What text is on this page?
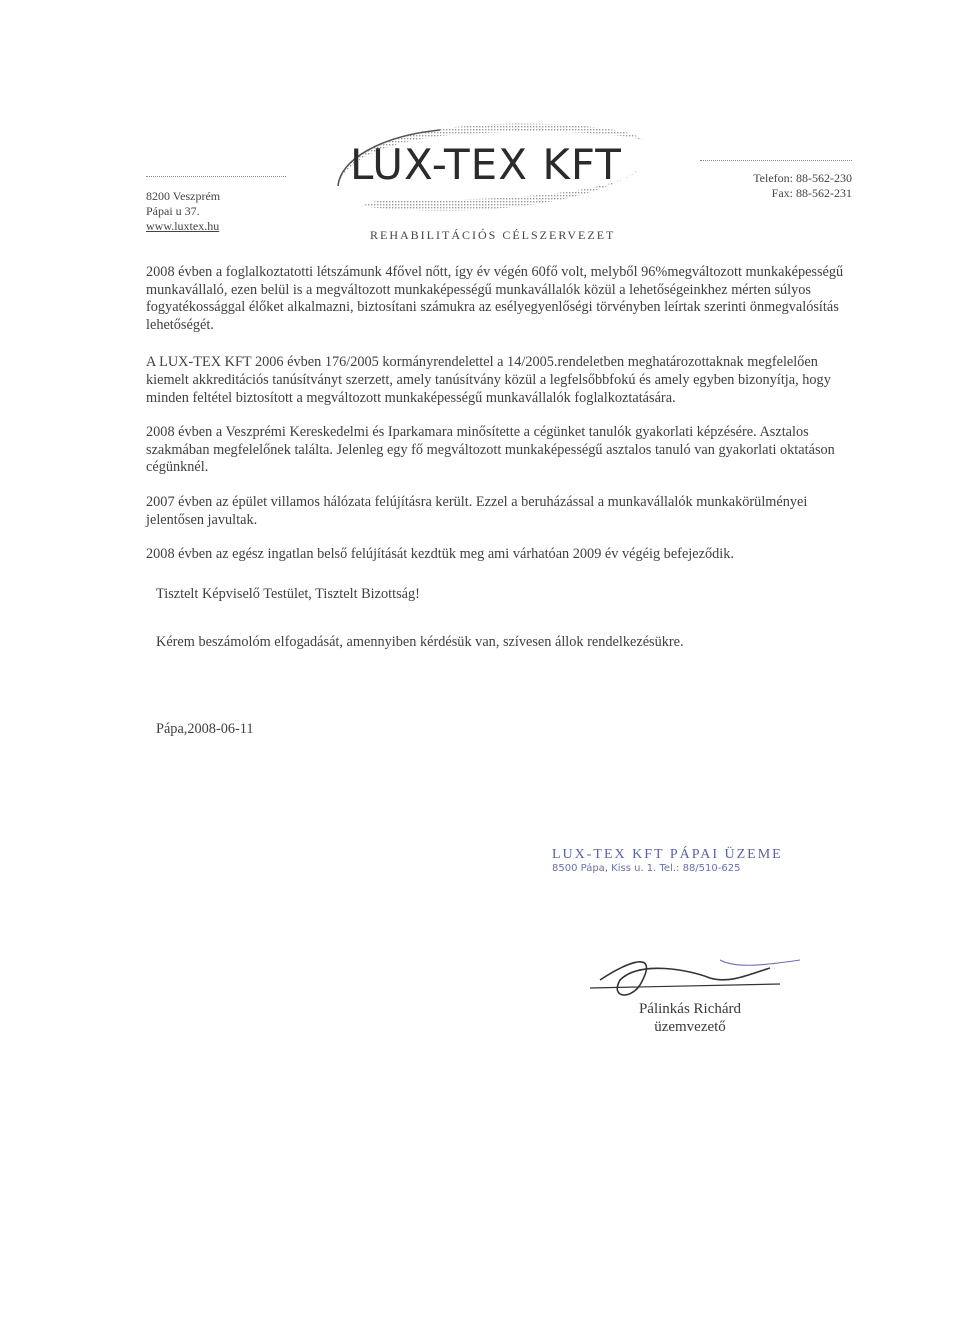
8200 Veszprém
Pápai u 37.
www.luxtex.hu
LUX-TEX KFT
REHABILITÁCIÓS CÉLSZERVEZET
Telefon: 88-562-230
Fax: 88-562-231

2008 évben a foglalkoztatotti létszámunk 4fővel nőtt, így év végén 60fő volt, melyből 96%megváltozott munkaképességű munkavállaló, ezen belül is a megváltozott munkaképességű munkavállalók közül a lehetőségeinkhez mérten súlyos fogyatékossággal élőket alkalmazni, biztosítani számukra az esélyegyenlőségi törvényben leírtak szerinti önmegvalósítás lehetőségét.

A LUX-TEX KFT 2006 évben 176/2005 kormányrendelettel a 14/2005.rendeletben meghatározottaknak megfelelően kiemelt akkreditációs tanúsítványt szerzett, amely tanúsítvány közül a legfelsőbbfokú és amely egyben bizonyítja, hogy minden feltétel biztosított a megváltozott munkaképességű munkavállalók foglalkoztatására.

2008 évben a Veszprémi Kereskedelmi és Iparkamara minősítette a cégünket tanulók gyakorlati képzésére. Asztalos szakmában megfelelőnek találta. Jelenleg egy fő megváltozott munkaképességű asztalos tanuló van gyakorlati oktatáson cégünknél.

2007 évben az épület villamos hálózata felújításra került. Ezzel a beruházással a munkavállalók munkakörülményei jelentősen javultak.

2008 évben az egész ingatlan belső felújítását kezdtük meg ami várhatóan 2009 év végéig befejeződik.

Tisztelt Képviselő Testület, Tisztelt Bizottság!

Kérem beszámolóm elfogadását, amennyiben kérdésük van, szívesen állok rendelkezésükre.

Pápa,2008-06-11

LUX-TEX KFT PÁPAI ÜZEME
8500 Pápa, Kiss u. 1. Tel.: 88/510-625
Pálinkás Richárd
üzemvezető
